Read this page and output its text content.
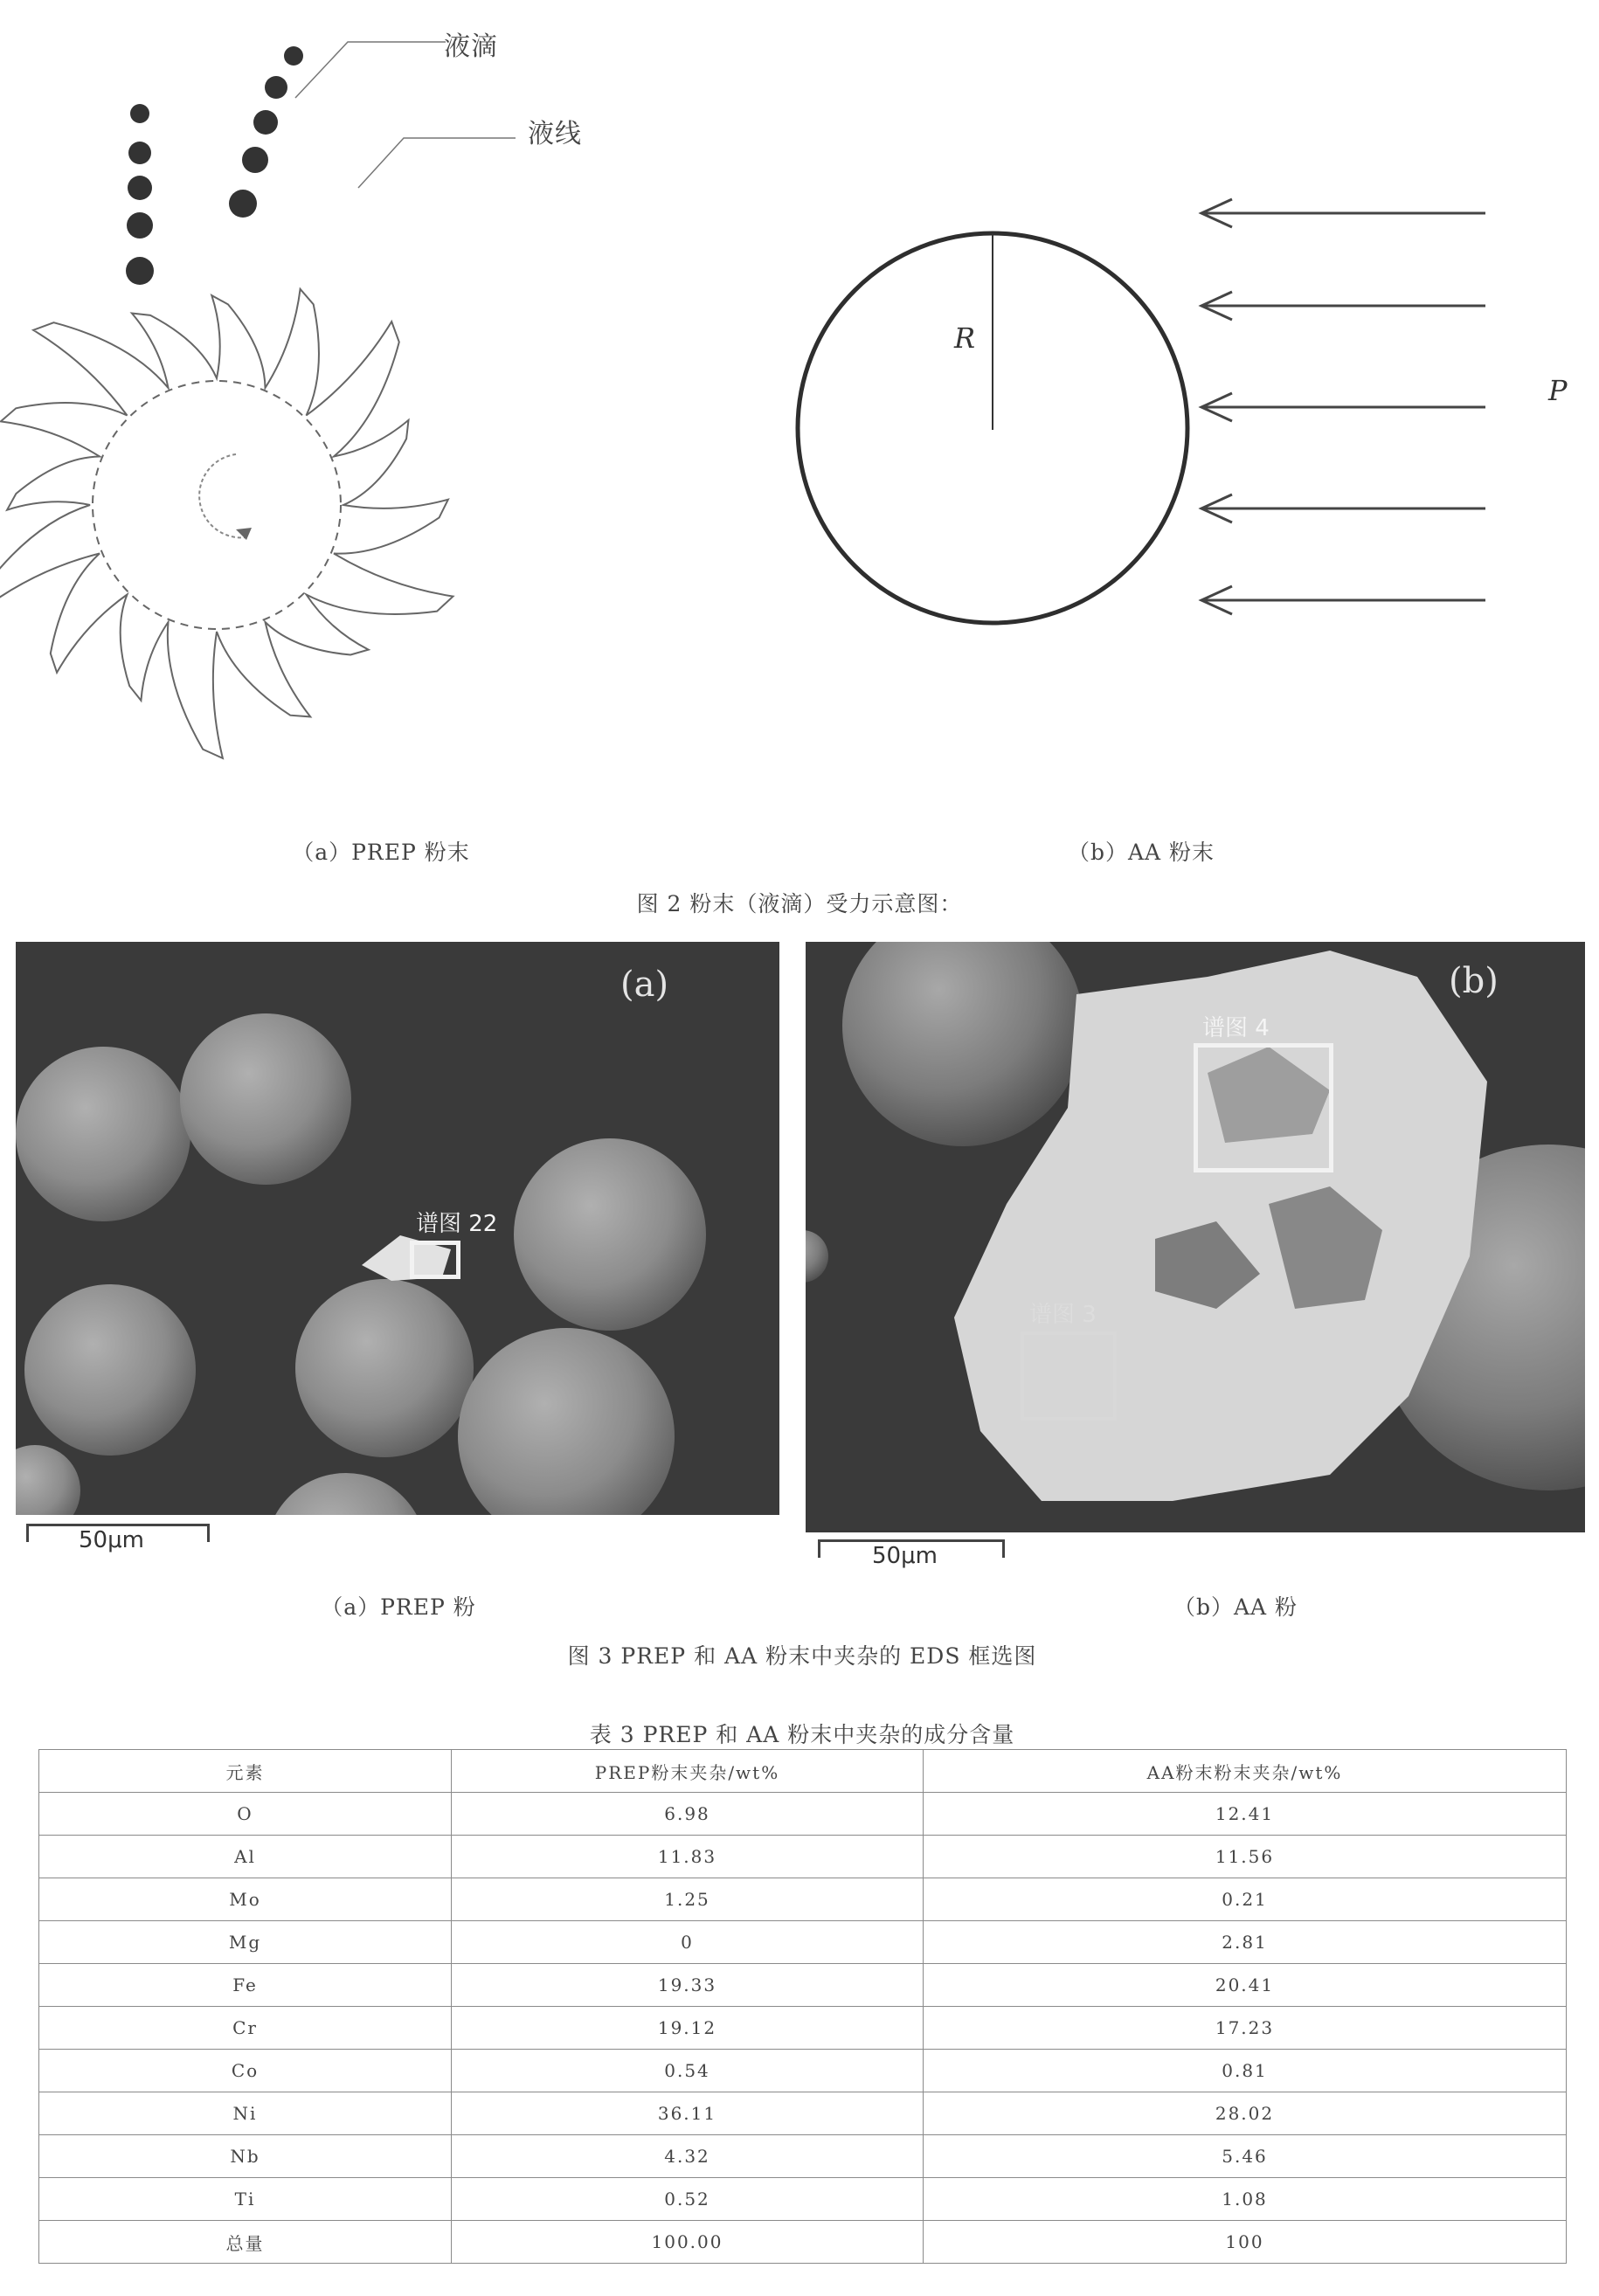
液滴
液线
R
P
（a）PREP 粉末	（b）AA 粉末
图 2 粉末（液滴）受力示意图：
(a)
谱图 22
50μm
(b)
谱图 4
谱图 3
50μm
（a）PREP 粉	（b）AA 粉
图 3 PREP 和 AA 粉末中夹杂的 EDS 框选图
表 3 PREP 和 AA 粉末中夹杂的成分含量
元素	PREP粉末夹杂/wt%	AA粉末粉末夹杂/wt%
O	6.98	12.41
Al	11.83	11.56
Mo	1.25	0.21
Mg	0	2.81
Fe	19.33	20.41
Cr	19.12	17.23
Co	0.54	0.81
Ni	36.11	28.02
Nb	4.32	5.46
Ti	0.52	1.08
总量	100.00	100
